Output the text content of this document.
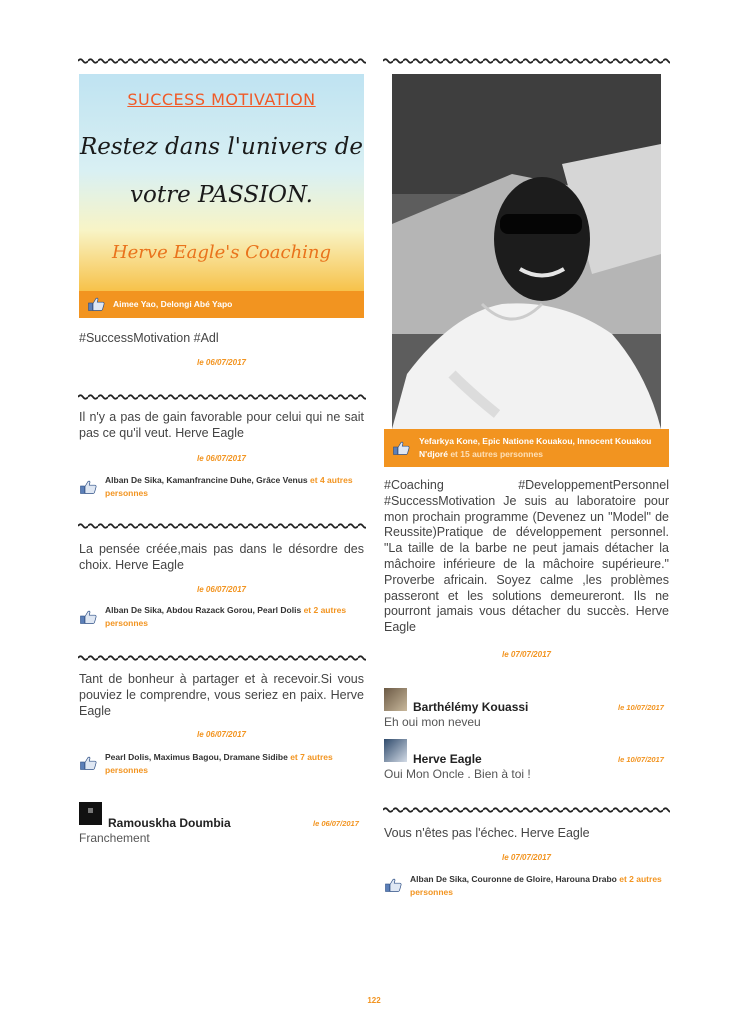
SUCCESS MOTIVATION
Restez dans l'univers de
votre PASSION.
Herve Eagle's Coaching
Aimee Yao, Delongi Abé Yapo
#SuccessMotivation #Adl
le 06/07/2017
Il n'y a pas de gain favorable pour celui qui ne sait pas ce qu'il veut. Herve Eagle
le 06/07/2017
Alban De Sika, Kamanfrancine Duhe, Grâce Venus et 4 autres personnes
La pensée créée,mais pas dans le désordre des choix. Herve Eagle
le 06/07/2017
Alban De Sika, Abdou Razack Gorou, Pearl Dolis et 2 autres personnes
Tant de bonheur à partager et à recevoir.Si vous pouviez le comprendre, vous seriez en paix. Herve Eagle
le 06/07/2017
Pearl Dolis, Maximus Bagou, Dramane Sidibe et 7 autres personnes
Ramouskha Doumbia	le 06/07/2017
Franchement
Yefarkya Kone, Epic Natione Kouakou, Innocent Kouakou N'djoré et 15 autres personnes
#Coaching #DeveloppementPersonnel #SuccessMotivation Je suis au laboratoire pour mon prochain programme (Devenez un "Model" de Reussite)Pratique de développement personnel. "La taille de la barbe ne peut jamais détacher la mâchoire inférieure de la mâchoire supérieure." Proverbe africain. Soyez calme ,les problèmes passeront et les solutions demeureront. Ils ne pourront jamais vous détacher du succès. Herve Eagle
le 07/07/2017
Barthélémy Kouassi	le 10/07/2017
Eh oui mon neveu
Herve Eagle	le 10/07/2017
Oui Mon Oncle . Bien à toi !
Vous n'êtes pas l'échec. Herve Eagle
le 07/07/2017
Alban De Sika, Couronne de Gloire, Harouna Drabo et 2 autres personnes
122
